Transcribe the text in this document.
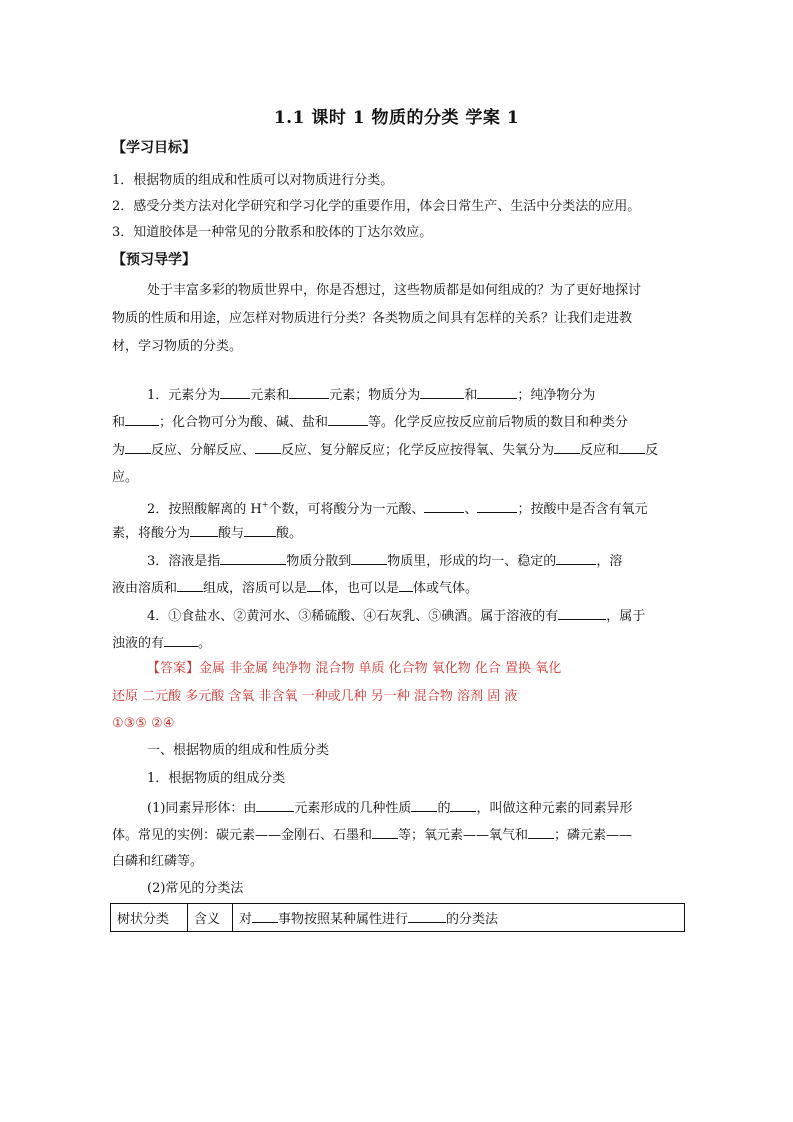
1.1 课时 1 物质的分类 学案 1
【学习目标】
1．根据物质的组成和性质可以对物质进行分类。
2．感受分类方法对化学研究和学习化学的重要作用，体会日常生产、生活中分类法的应用。
3．知道胶体是一种常见的分散系和胶体的丁达尔效应。
【预习导学】
处于丰富多彩的物质世界中，你是否想过，这些物质都是如何组成的？为了更好地探讨
物质的性质和用途，应怎样对物质进行分类？各类物质之间具有怎样的关系？让我们走进教
材，学习物质的分类。
1．元素分为 元素和	元素；物质分为	和	；纯净物分为
和	；化合物可分为酸、碱、盐和	等。化学反应按反应前后物质的数目和种类分
为 反应、分解反应、 反应、复分解反应；化学反应按得氧、失氧分为 反应和 反
应。
2．按照酸解离的 H+个数，可将酸分为一元酸、	、	；按酸中是否含有氧元
素，将酸分为 酸与 酸。
3．溶液是指	物质分散到	物质里，形成的均一、稳定的	，溶
液由溶质和 组成，溶质可以是 体，也可以是 体或气体。
4．①食盐水、②黄河水、③稀硫酸、④石灰乳、⑤碘酒。属于溶液的有	，属于
浊液的有	。
【答案】金属 非金属 纯净物 混合物 单质 化合物 氧化物 化合 置换 氧化
还原 二元酸 多元酸 含氧 非含氧 一种或几种 另一种 混合物 溶剂 固 液
①③⑤ ②④
一、根据物质的组成和性质分类
1．根据物质的组成分类
(1)同素异形体：由	元素形成的几种性质 的 ，叫做这种元素的同素异形
体。常见的实例：碳元素——金刚石、石墨和 等；氧元素——氧气和 ；磷元素——
白磷和红磷等。
(2)常见的分类法
树状分类	含义	对 事物按照某种属性进行	的分类法
